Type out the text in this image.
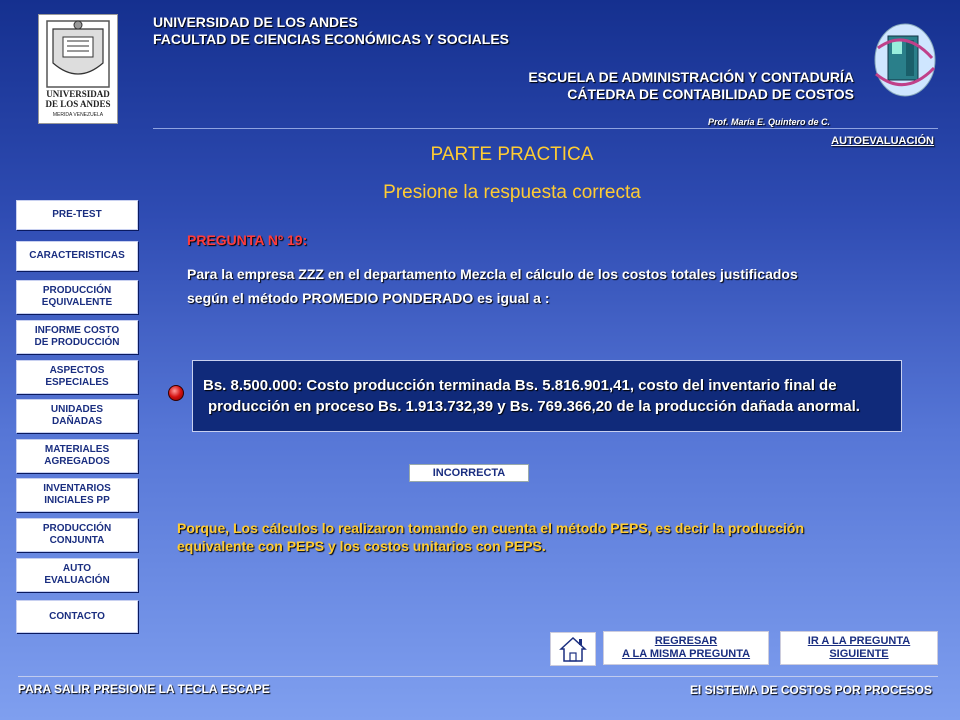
UNIVERSIDAD
DE LOS ANDES
MERIDA VENEZUELA
UNIVERSIDAD DE LOS ANDES
FACULTAD DE CIENCIAS ECONÓMICAS Y SOCIALES
ESCUELA DE ADMINISTRACIÓN Y CONTADURÍA
CÁTEDRA DE CONTABILIDAD DE COSTOS
Prof. María E. Quintero de C.
AUTOEVALUACIÓN
PARTE PRACTICA
Presione la respuesta correcta
PRE-TEST
CARACTERISTICAS
PRODUCCIÓN
EQUIVALENTE
INFORME COSTO
DE PRODUCCIÓN
ASPECTOS
ESPECIALES
UNIDADES
DAÑADAS
MATERIALES
AGREGADOS
INVENTARIOS
INICIALES PP
PRODUCCIÓN
CONJUNTA
AUTO
EVALUACIÓN
CONTACTO
PREGUNTA Nº 19:
Para la empresa ZZZ en el departamento Mezcla el cálculo de los costos totales justificados
según el método PROMEDIO PONDERADO es igual a :
Bs. 8.500.000: Costo producción terminada Bs. 5.816.901,41, costo del inventario final de
producción en proceso Bs. 1.913.732,39 y Bs. 769.366,20 de la producción dañada anormal.
INCORRECTA
Porque, Los cálculos lo realizaron tomando en cuenta el método PEPS, es decir la producción
equivalente con PEPS y los costos unitarios con PEPS.
REGRESAR
A LA MISMA PREGUNTA
IR A LA PREGUNTA
SIGUIENTE
PARA SALIR PRESIONE LA TECLA ESCAPE	El SISTEMA DE COSTOS POR PROCESOS
